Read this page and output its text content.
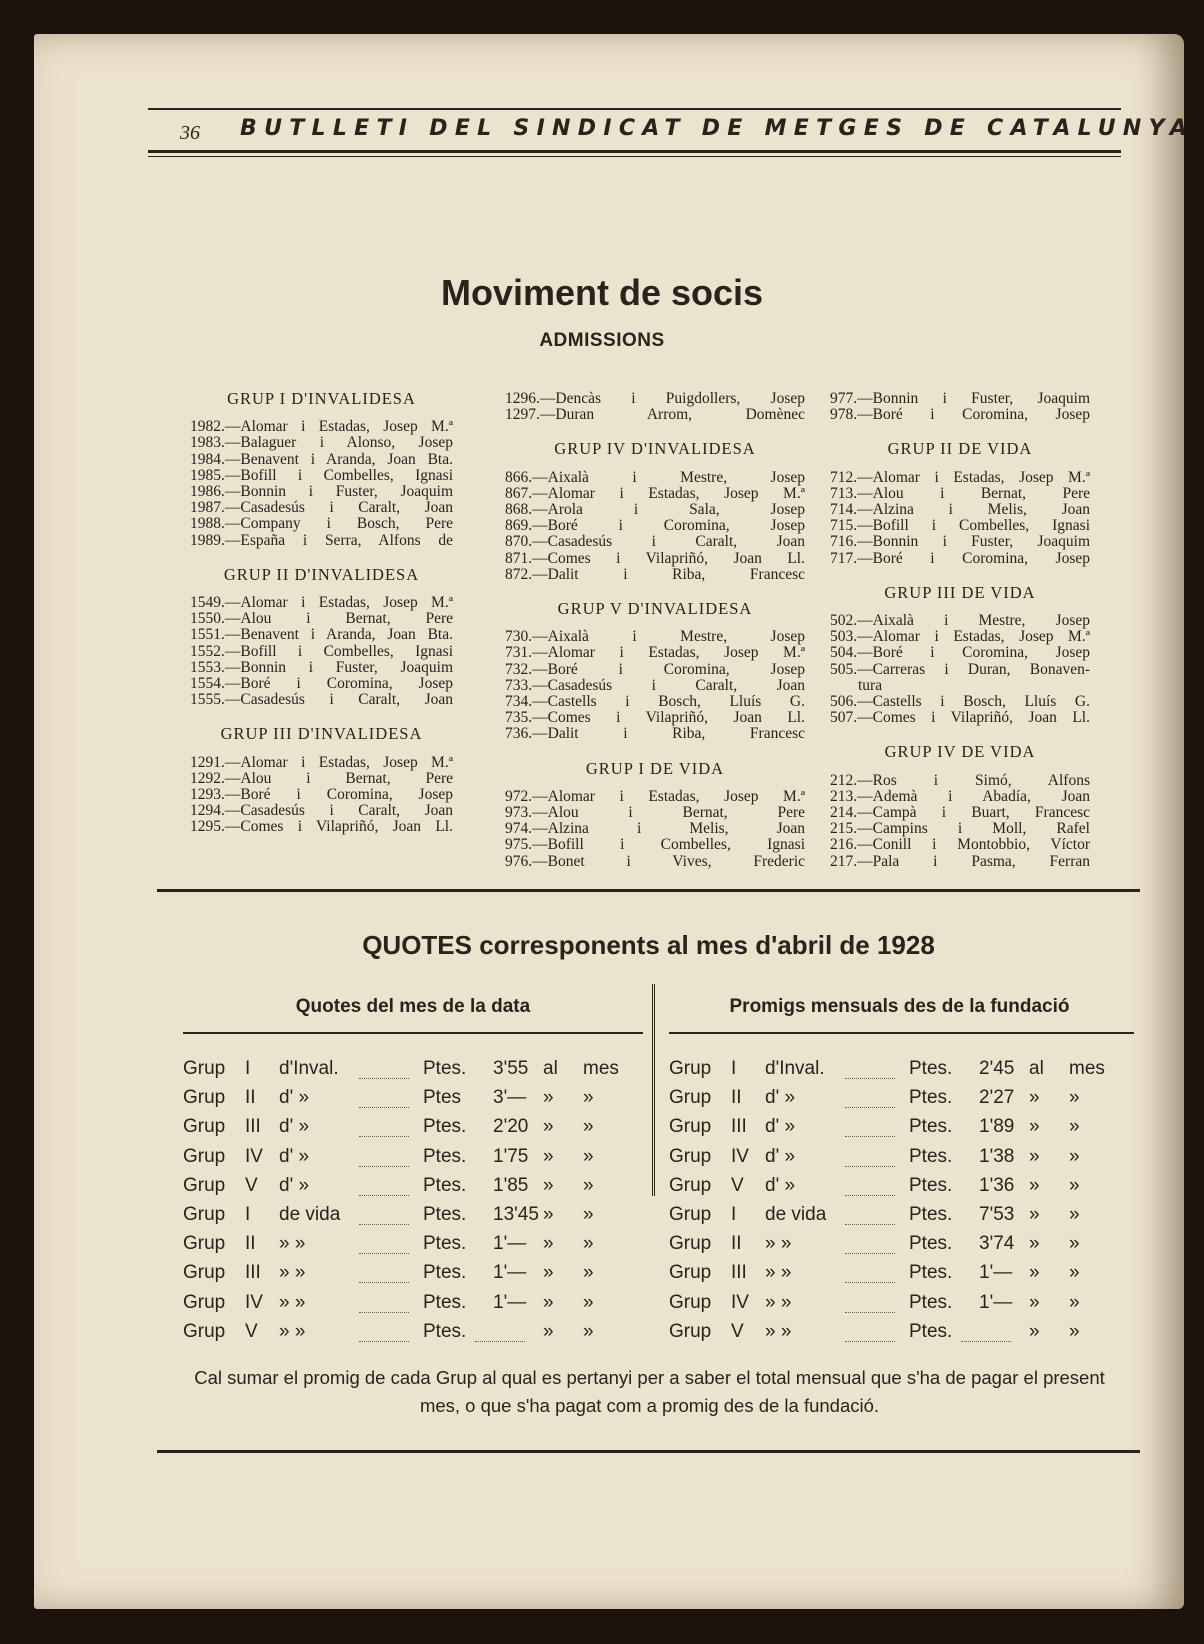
36 BUTLLETI DEL SINDICAT DE METGES DE CATALUNYA
Moviment de socis
ADMISSIONS
GRUP I D'INVALIDESA
1982.—Alomar i Estadas, Josep M.ª
1983.—Balaguer i Alonso, Josep
1984.—Benavent i Aranda, Joan Bta.
1985.—Bofill i Combelles, Ignasi
1986.—Bonnin i Fuster, Joaquim
1987.—Casadesús i Caralt, Joan
1988.—Company i Bosch, Pere
1989.—España i Serra, Alfons de
GRUP II D'INVALIDESA
1549.—Alomar i Estadas, Josep M.ª
1550.—Alou i Bernat, Pere
1551.—Benavent i Aranda, Joan Bta.
1552.—Bofill i Combelles, Ignasi
1553.—Bonnin i Fuster, Joaquim
1554.—Boré i Coromina, Josep
1555.—Casadesús i Caralt, Joan
GRUP III D'INVALIDESA
1291.—Alomar i Estadas, Josep M.ª
1292.—Alou i Bernat, Pere
1293.—Boré i Coromina, Josep
1294.—Casadesús i Caralt, Joan
1295.—Comes i Vilapriñó, Joan Ll.
1296.—Dencàs i Puigdollers, Josep
1297.—Duran Arrom, Domènec
GRUP IV D'INVALIDESA
866.—Aixalà i Mestre, Josep
867.—Alomar i Estadas, Josep M.ª
868.—Arola i Sala, Josep
869.—Boré i Coromina, Josep
870.—Casadesús i Caralt, Joan
871.—Comes i Vilapriñó, Joan Ll.
872.—Dalit i Riba, Francesc
GRUP V D'INVALIDESA
730.—Aixalà i Mestre, Josep
731.—Alomar i Estadas, Josep M.ª
732.—Boré i Coromina, Josep
733.—Casadesús i Caralt, Joan
734.—Castells i Bosch, Lluís G.
735.—Comes i Vilapriñó, Joan Ll.
736.—Dalit i Riba, Francesc
GRUP I DE VIDA
972.—Alomar i Estadas, Josep M.ª
973.—Alou i Bernat, Pere
974.—Alzina i Melis, Joan
975.—Bofill i Combelles, Ignasi
976.—Bonet i Vives, Frederic
977.—Bonnin i Fuster, Joaquim
978.—Boré i Coromina, Josep
GRUP II DE VIDA
712.—Alomar i Estadas, Josep M.ª
713.—Alou i Bernat, Pere
714.—Alzina i Melis, Joan
715.—Bofill i Combelles, Ignasi
716.—Bonnin i Fuster, Joaquim
717.—Boré i Coromina, Josep
GRUP III DE VIDA
502.—Aixalà i Mestre, Josep
503.—Alomar i Estadas, Josep M.ª
504.—Boré i Coromina, Josep
505.—Carreras i Duran, Bonaven-
tura
506.—Castells i Bosch, Lluís G.
507.—Comes i Vilapriñó, Joan Ll.
GRUP IV DE VIDA
212.—Ros i Simó, Alfons
213.—Ademà i Abadía, Joan
214.—Campà i Buart, Francesc
215.—Campins i Moll, Rafel
216.—Conill i Montobbio, Víctor
217.—Pala i Pasma, Ferran
QUOTES corresponents al mes d'abril de 1928
Quotes del mes de la data	Promigs mensuals des de la fundació
Grup I d'Inval.	Ptes. 3'55 al mes
Grup II d' »	Ptes 3'— » »
Grup III d' »	Ptes. 2'20 » »
Grup IV d' »	Ptes. 1'75 » »
Grup V d' »	Ptes. 1'85 » »
Grup I de vida	Ptes. 13'45 » »
Grup II » »	Ptes. 1'— » »
Grup III » »	Ptes. 1'— » »
Grup IV » »	Ptes. 1'— » »
Grup V » »	Ptes.	» »
Grup I d'Inval.	Ptes. 2'45 al mes
Grup II d' »	Ptes. 2'27 » »
Grup III d' »	Ptes. 1'89 » »
Grup IV d' »	Ptes. 1'38 » »
Grup V d' »	Ptes. 1'36 » »
Grup I de vida	Ptes. 7'53 » »
Grup II » »	Ptes. 3'74 » »
Grup III » »	Ptes. 1'— » »
Grup IV » »	Ptes. 1'— » »
Grup V » »	Ptes.	» »
Cal sumar el promig de cada Grup al qual es pertanyi per a saber el total mensual que s'ha de pagar el present mes, o que s'ha pagat com a promig des de la fundació.
